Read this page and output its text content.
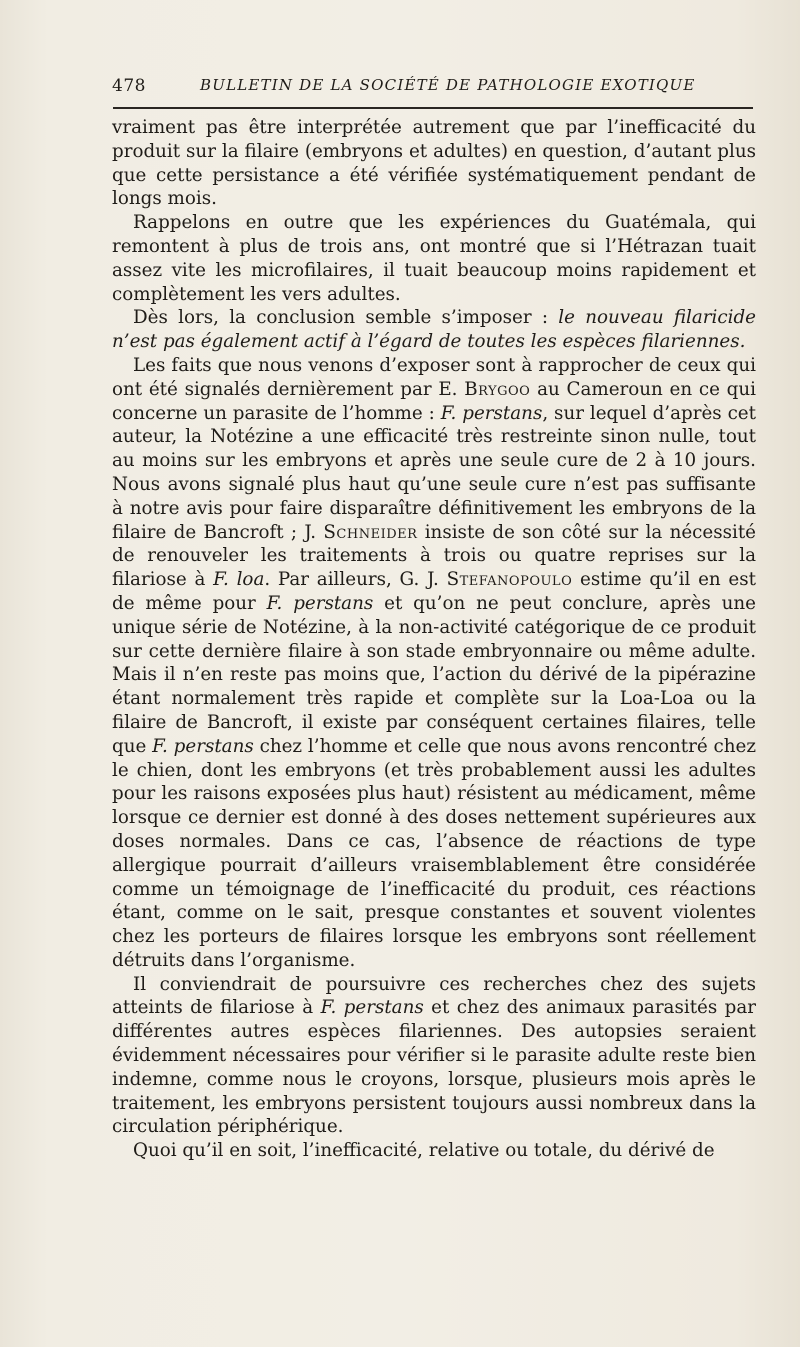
478	BULLETIN DE LA SOCIÉTÉ DE PATHOLOGIE EXOTIQUE

vraiment pas être interprétée autrement que par l’inefficacité du produit sur la filaire (embryons et adultes) en question, d’autant plus que cette persistance a été vérifiée systématiquement pendant de longs mois.

Rappelons en outre que les expériences du Guatémala, qui remontent à plus de trois ans, ont montré que si l’Hétrazan tuait assez vite les microfilaires, il tuait beaucoup moins rapidement et complètement les vers adultes.

Dès lors, la conclusion semble s’imposer : le nouveau filaricide n’est pas également actif à l’égard de toutes les espèces filariennes.

Les faits que nous venons d’exposer sont à rapprocher de ceux qui ont été signalés dernièrement par E. Brygoo au Cameroun en ce qui concerne un parasite de l’homme : F. perstans, sur lequel d’après cet auteur, la Notézine a une efficacité très restreinte sinon nulle, tout au moins sur les embryons et après une seule cure de 2 à 10 jours. Nous avons signalé plus haut qu’une seule cure n’est pas suffisante à notre avis pour faire disparaître définitivement les embryons de la filaire de Bancroft ; J. Schneider insiste de son côté sur la nécessité de renouveler les traitements à trois ou quatre reprises sur la filariose à F. loa. Par ailleurs, G. J. Stefanopoulo estime qu’il en est de même pour F. perstans et qu’on ne peut conclure, après une unique série de Notézine, à la non-activité catégorique de ce produit sur cette dernière filaire à son stade embryonnaire ou même adulte. Mais il n’en reste pas moins que, l’action du dérivé de la pipérazine étant normalement très rapide et complète sur la Loa-Loa ou la filaire de Bancroft, il existe par conséquent certaines filaires, telle que F. perstans chez l’homme et celle que nous avons rencontré chez le chien, dont les embryons (et très probablement aussi les adultes pour les raisons exposées plus haut) résistent au médicament, même lorsque ce dernier est donné à des doses nettement supérieures aux doses normales. Dans ce cas, l’absence de réactions de type allergique pourrait d’ailleurs vraisemblablement être considérée comme un témoignage de l’inefficacité du produit, ces réactions étant, comme on le sait, presque constantes et souvent violentes chez les porteurs de filaires lorsque les embryons sont réellement détruits dans l’organisme.

Il conviendrait de poursuivre ces recherches chez des sujets atteints de filariose à F. perstans et chez des animaux parasités par différentes autres espèces filariennes. Des autopsies seraient évidemment nécessaires pour vérifier si le parasite adulte reste bien indemne, comme nous le croyons, lorsque, plusieurs mois après le traitement, les embryons persistent toujours aussi nombreux dans la circulation périphérique.

Quoi qu’il en soit, l’inefficacité, relative ou totale, du dérivé de
